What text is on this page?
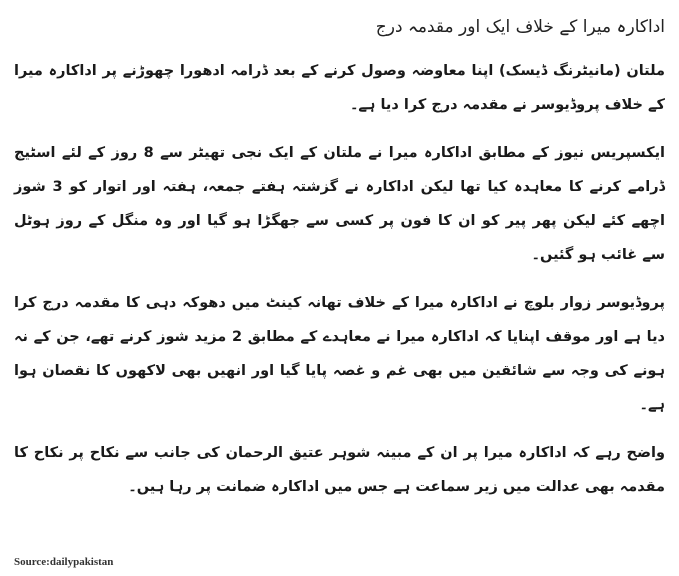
اداکارہ میرا کے خلاف ایک اور مقدمہ درج

ملتان (مانیٹرنگ ڈیسک) اپنا معاوضہ وصول کرنے کے بعد ڈرامہ ادھورا چھوڑنے پر اداکارہ میرا کے خلاف پروڈیوسر نے مقدمہ درج کرا دیا ہے۔

ایکسپریس نیوز کے مطابق اداکارہ میرا نے ملتان کے ایک نجی تھیٹر سے 8 روز کے لئے اسٹیج ڈرامے کرنے کا معاہدہ کیا تھا لیکن اداکارہ نے گزشتہ ہفتے جمعہ، ہفتہ اور اتوار کو 3 شوز اچھے کئے لیکن پھر پیر کو ان کا فون پر کسی سے جھگڑا ہو گیا اور وہ منگل کے روز ہوٹل سے غائب ہو گئیں۔

پروڈیوسر زوار بلوچ نے اداکارہ میرا کے خلاف تھانہ کینٹ میں دھوکہ دہی کا مقدمہ درج کرا دیا ہے اور موقف اپنایا کہ اداکارہ میرا نے معاہدے کے مطابق 2 مزید شوز کرنے تھے، جن کے نہ ہونے کی وجہ سے شائقین میں بھی غم و غصہ پایا گیا اور انھیں بھی لاکھوں کا نقصان ہوا ہے۔

واضح رہے کہ اداکارہ میرا پر ان کے مبینہ شوہر عتیق الرحمان کی جانب سے نکاح پر نکاح کا مقدمہ بھی عدالت میں زیر سماعت ہے جس میں اداکارہ ضمانت پر رہا ہیں۔

Source:dailypakistan
